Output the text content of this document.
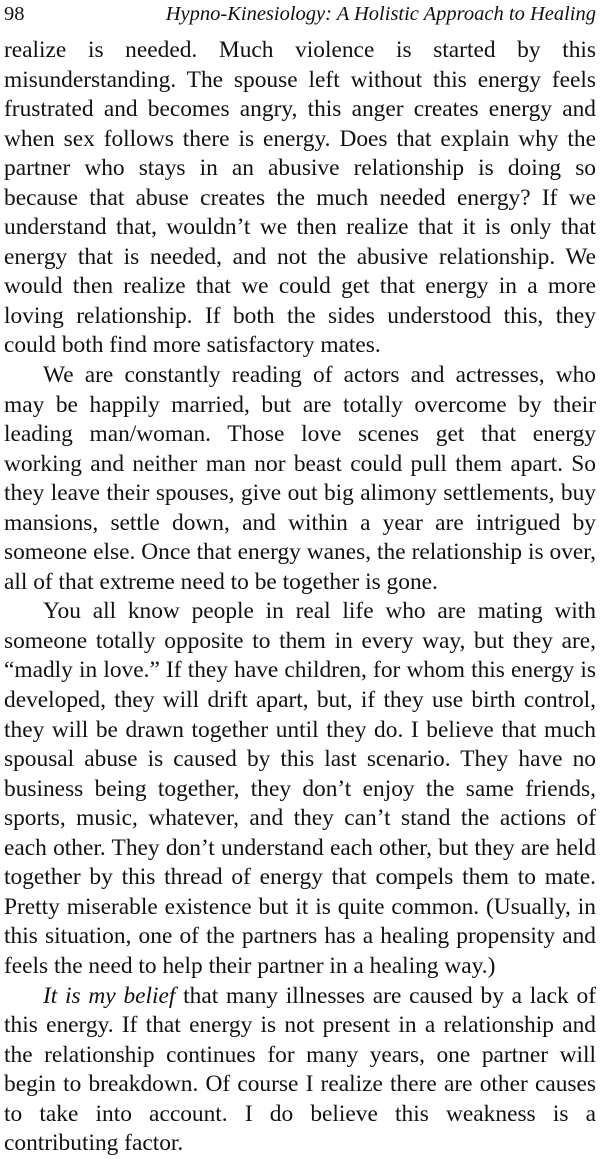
98	Hypno-Kinesiology: A Holistic Approach to Healing

realize is needed. Much violence is started by this misunderstanding. The spouse left without this energy feels frustrated and becomes angry, this anger creates energy and when sex follows there is energy. Does that explain why the partner who stays in an abusive relationship is doing so because that abuse creates the much needed energy? If we understand that, wouldn’t we then realize that it is only that energy that is needed, and not the abusive relationship. We would then realize that we could get that energy in a more loving relationship. If both the sides understood this, they could both find more satisfactory mates.

We are constantly reading of actors and actresses, who may be happily married, but are totally overcome by their leading man/woman. Those love scenes get that energy working and neither man nor beast could pull them apart. So they leave their spouses, give out big alimony settlements, buy mansions, settle down, and within a year are intrigued by someone else. Once that energy wanes, the relationship is over, all of that extreme need to be together is gone.

You all know people in real life who are mating with someone totally opposite to them in every way, but they are, “madly in love.” If they have children, for whom this energy is developed, they will drift apart, but, if they use birth control, they will be drawn together until they do. I believe that much spousal abuse is caused by this last scenario. They have no business being together, they don’t enjoy the same friends, sports, music, whatever, and they can’t stand the actions of each other. They don’t understand each other, but they are held together by this thread of energy that compels them to mate. Pretty miserable existence but it is quite common. (Usually, in this situation, one of the partners has a healing propensity and feels the need to help their partner in a healing way.)

It is my belief that many illnesses are caused by a lack of this energy. If that energy is not present in a relationship and the relationship continues for many years, one partner will begin to breakdown. Of course I realize there are other causes to take into account. I do believe this weakness is a contributing factor.
